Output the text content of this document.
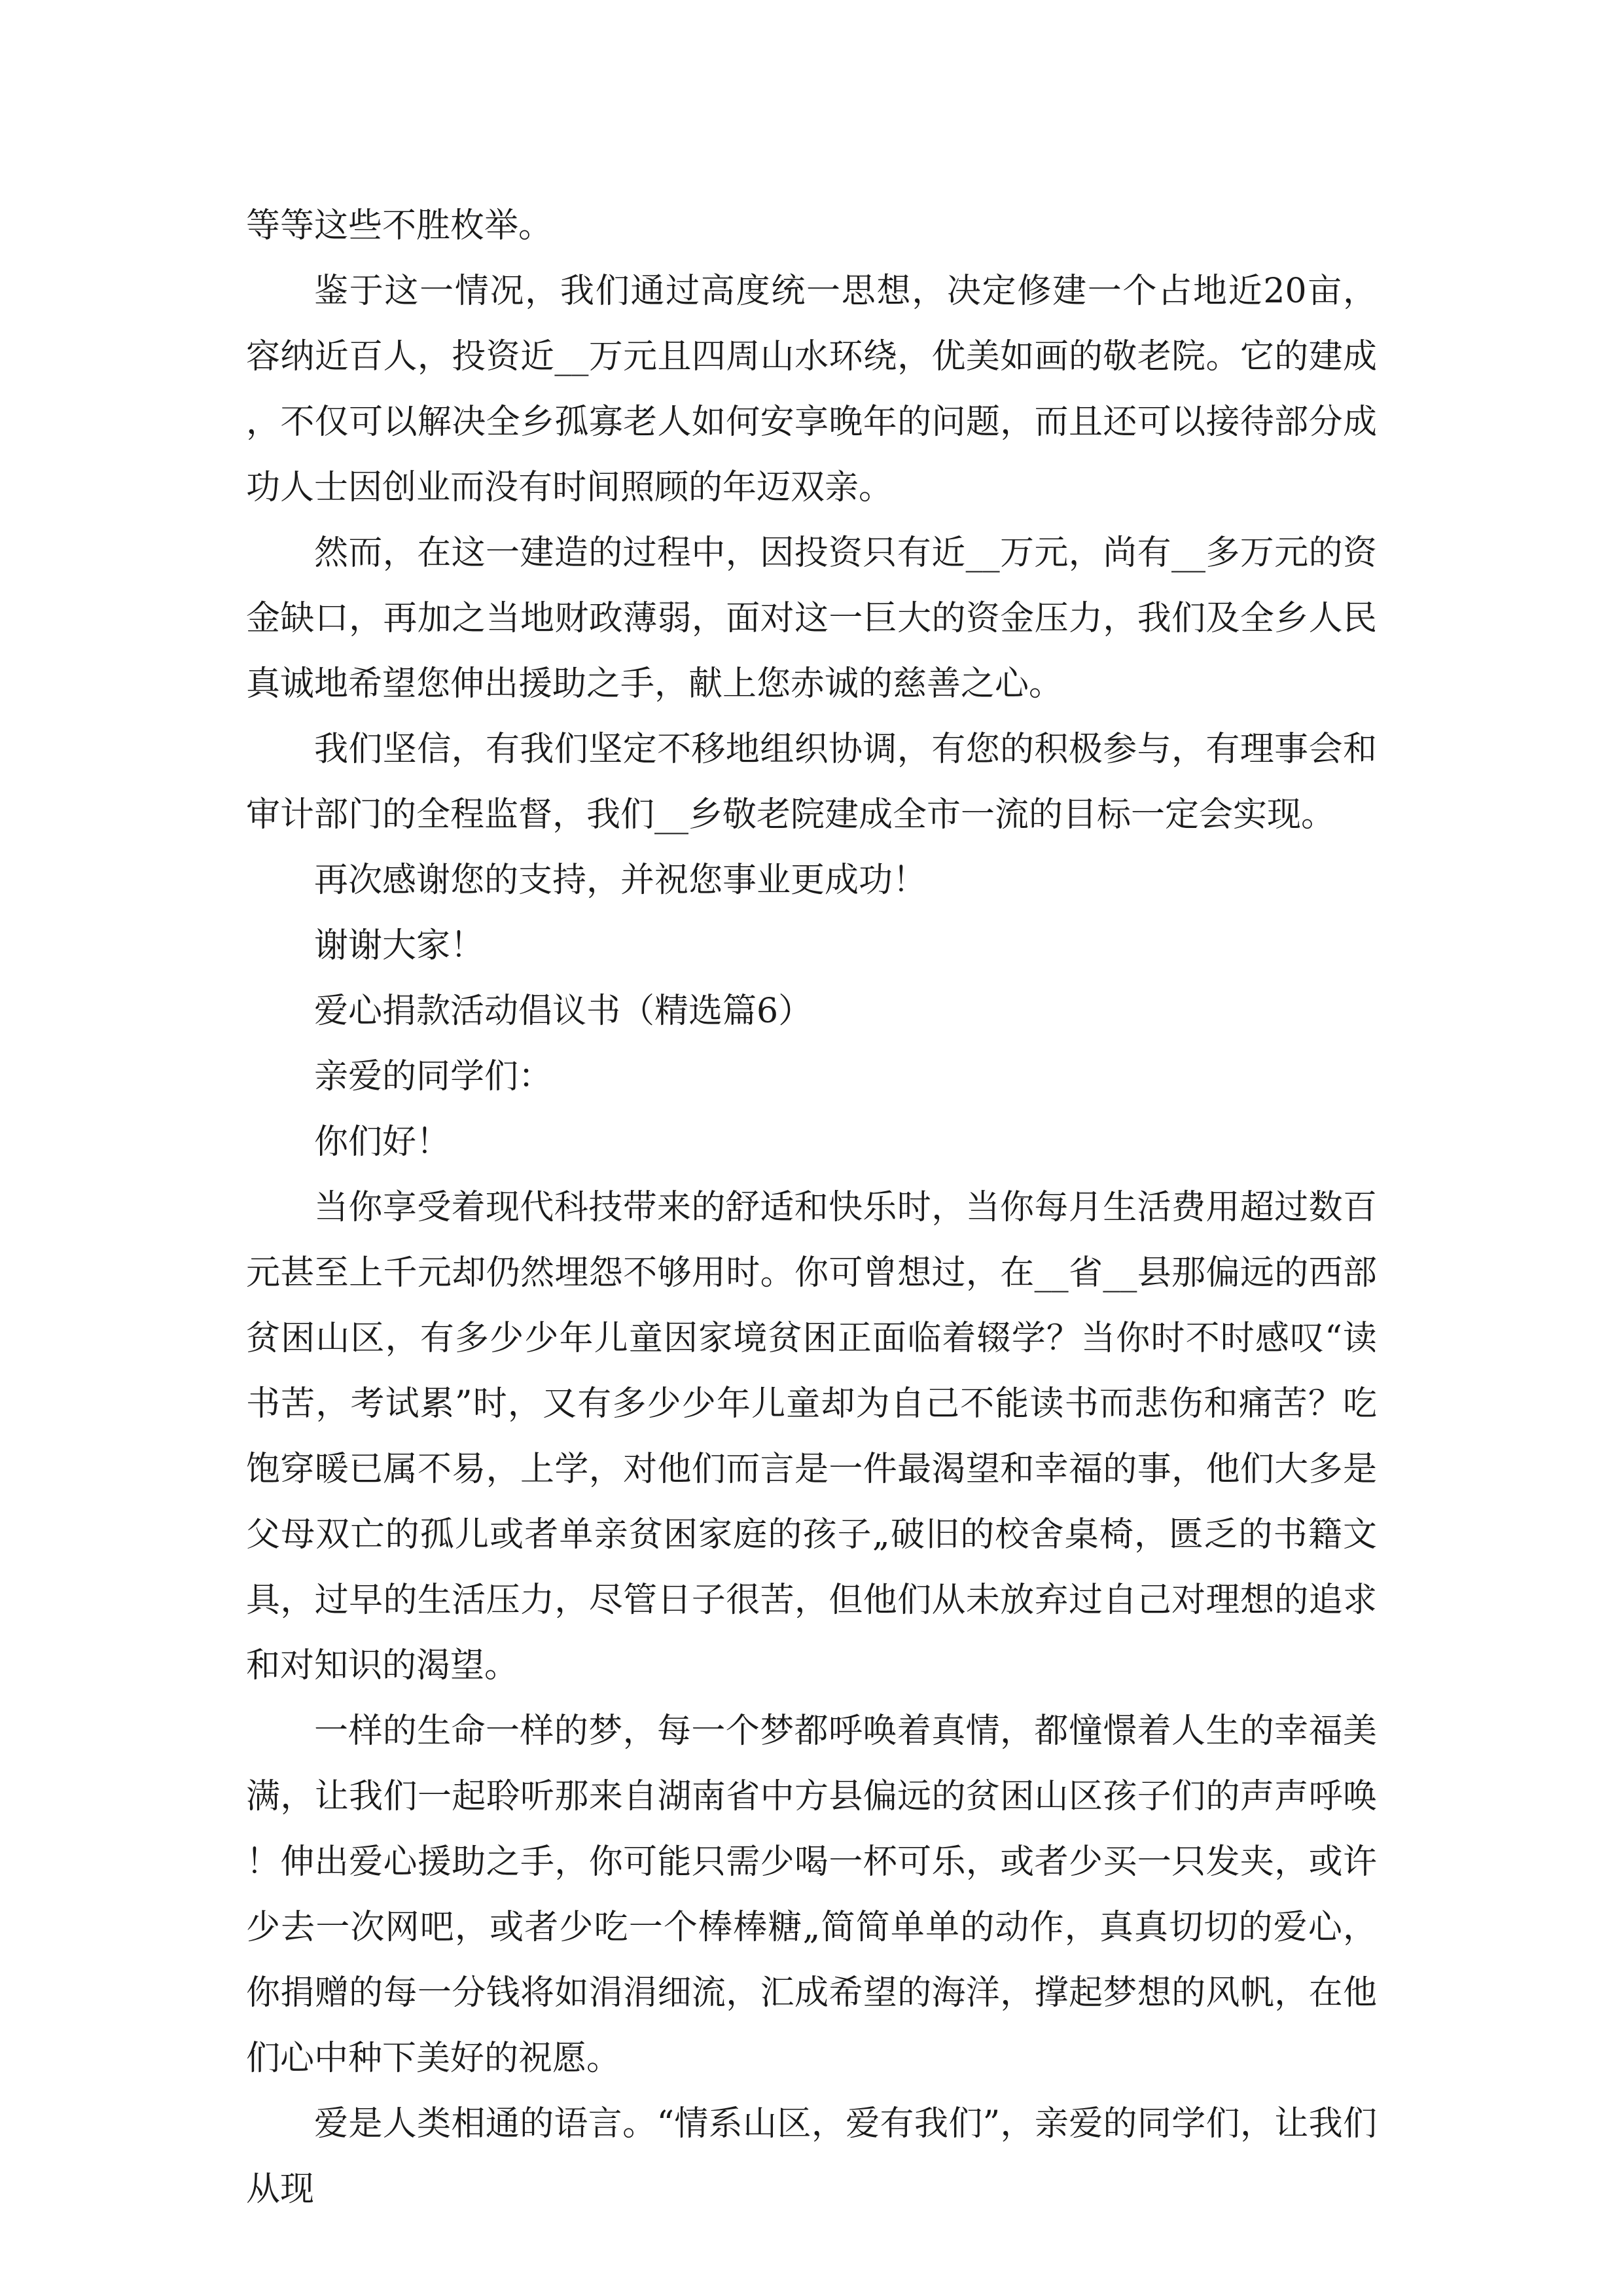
等等这些不胜枚举。

鉴于这一情况，我们通过高度统一思想，决定修建一个占地近20亩，容纳近百人，投资近__万元且四周山水环绕，优美如画的敬老院。它的建成，不仅可以解决全乡孤寡老人如何安享晚年的问题，而且还可以接待部分成功人士因创业而没有时间照顾的年迈双亲。

然而，在这一建造的过程中，因投资只有近__万元，尚有__多万元的资金缺口，再加之当地财政薄弱，面对这一巨大的资金压力，我们及全乡人民真诚地希望您伸出援助之手，献上您赤诚的慈善之心。

我们坚信，有我们坚定不移地组织协调，有您的积极参与，有理事会和审计部门的全程监督，我们__乡敬老院建成全市一流的目标一定会实现。

再次感谢您的支持，并祝您事业更成功！

谢谢大家！

爱心捐款活动倡议书（精选篇6）

亲爱的同学们：

你们好！

当你享受着现代科技带来的舒适和快乐时，当你每月生活费用超过数百元甚至上千元却仍然埋怨不够用时。你可曾想过，在__省__县那偏远的西部贫困山区，有多少少年儿童因家境贫困正面临着辍学？当你时不时感叹“读书苦，考试累”时，又有多少少年儿童却为自己不能读书而悲伤和痛苦？吃饱穿暖已属不易，上学，对他们而言是一件最渴望和幸福的事，他们大多是父母双亡的孤儿或者单亲贫困家庭的孩子„破旧的校舍桌椅，匮乏的书籍文具，过早的生活压力，尽管日子很苦，但他们从未放弃过自己对理想的追求和对知识的渴望。

一样的生命一样的梦，每一个梦都呼唤着真情，都憧憬着人生的幸福美满，让我们一起聆听那来自湖南省中方县偏远的贫困山区孩子们的声声呼唤！伸出爱心援助之手，你可能只需少喝一杯可乐，或者少买一只发夹，或许少去一次网吧，或者少吃一个棒棒糖„简简单单的动作，真真切切的爱心，你捐赠的每一分钱将如涓涓细流，汇成希望的海洋，撑起梦想的风帆，在他们心中种下美好的祝愿。

爱是人类相通的语言。“情系山区，爱有我们”，亲爱的同学们，让我们从现
